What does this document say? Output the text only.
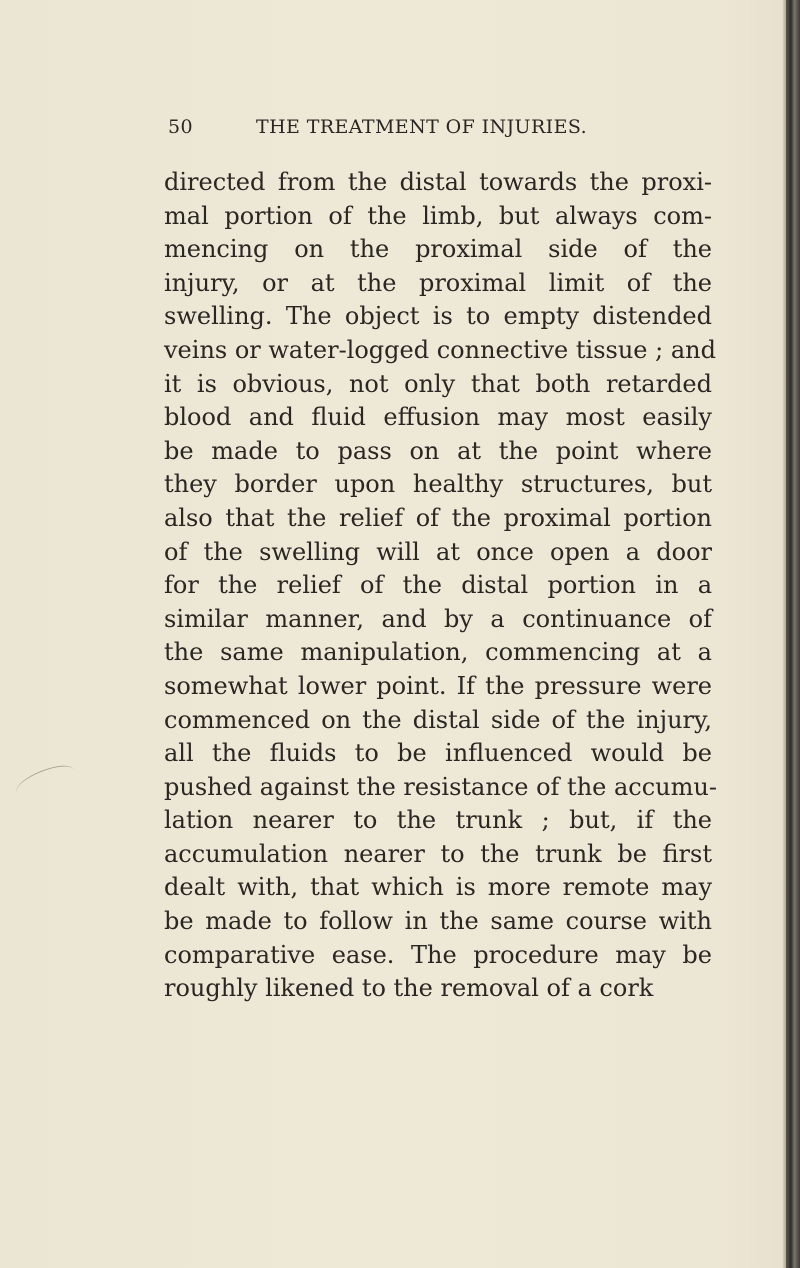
50	THE TREATMENT OF INJURIES.
directed from the distal towards the proxi-
mal portion of the limb, but always com-
mencing on the proximal side of the
injury, or at the proximal limit of the
swelling. The object is to empty distended
veins or water-logged connective tissue ; and
it is obvious, not only that both retarded
blood and fluid effusion may most easily
be made to pass on at the point where
they border upon healthy structures, but
also that the relief of the proximal portion
of the swelling will at once open a door
for the relief of the distal portion in a
similar manner, and by a continuance of
the same manipulation, commencing at a
somewhat lower point. If the pressure were
commenced on the distal side of the injury,
all the fluids to be influenced would be
pushed against the resistance of the accumu-
lation nearer to the trunk ; but, if the
accumulation nearer to the trunk be first
dealt with, that which is more remote may
be made to follow in the same course with
comparative ease. The procedure may be
roughly likened to the removal of a cork
